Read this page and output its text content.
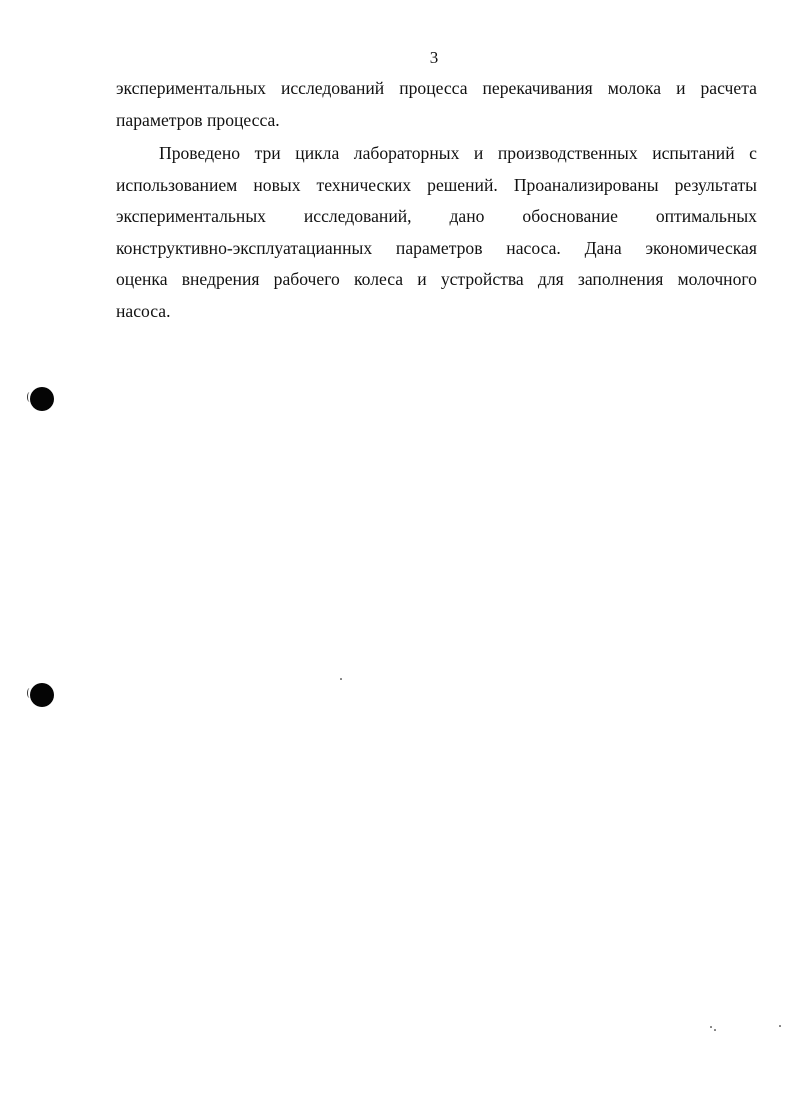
3
экспериментальных исследований процесса перекачивания молока и расчета
параметров процесса.
Проведено три цикла лабораторных и производственных испытаний с
использованием новых технических решений. Проанализированы результаты
экспериментальных исследований, дано обоснование оптимальных
конструктивно-эксплуатацианных параметров насоса. Дана экономическая
оценка внедрения рабочего колеса и устройства для заполнения молочного
насоса.
